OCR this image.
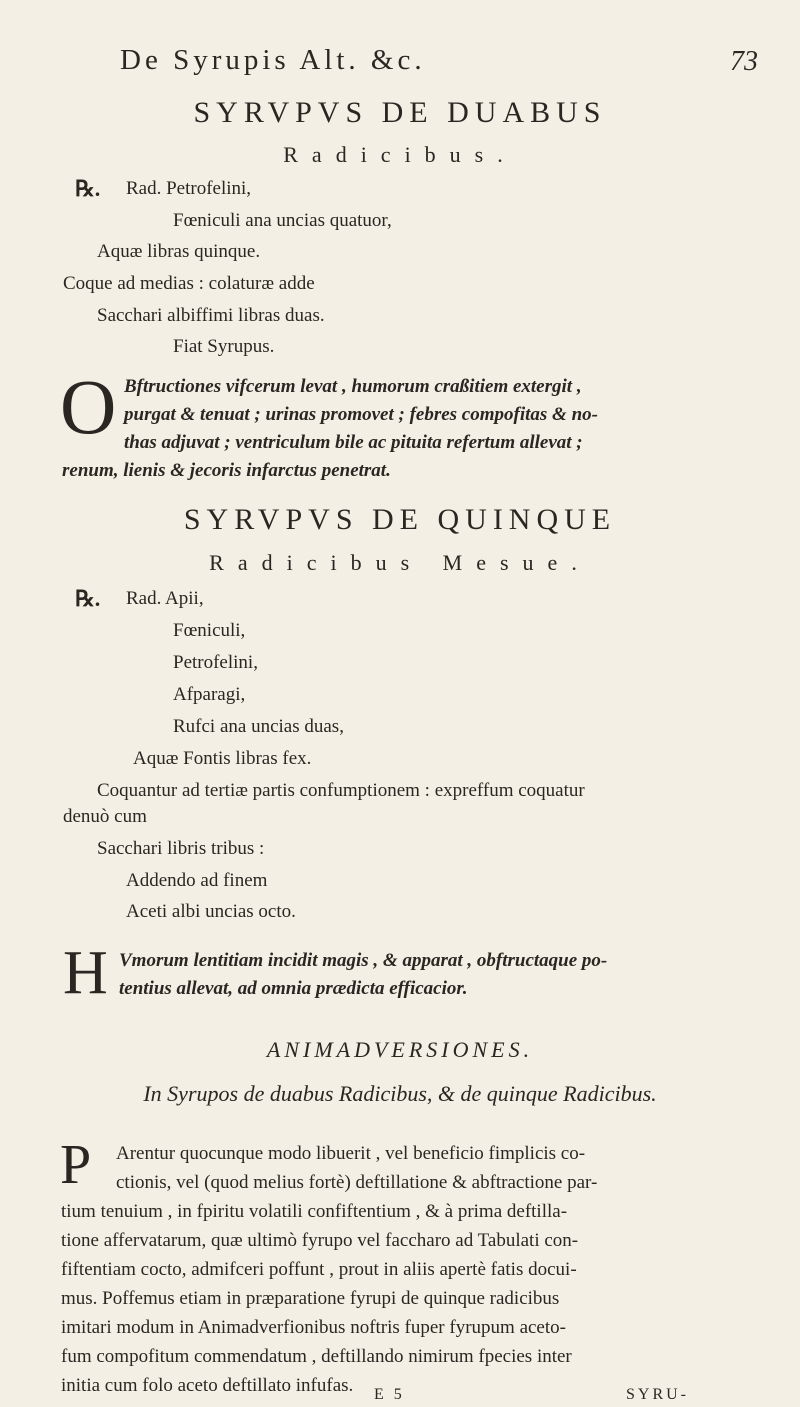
De Syrupis Alt. &c.	73
SYRVPVS DE DUABUS
Radicibus.
℞. Rad. Petrofelini,
Fœniculi ana uncias quatuor,
Aquæ libras quinque.
Coque ad medias : colaturæ adde
Sacchari albiffimi libras duas.
Fiat Syrupus.
O Bftructiones vifcerum levat , humorum craßitiem extergit ,
purgat & tenuat ; urinas promovet ; febres compofitas & no-
thas adjuvat ; ventriculum bile ac pituita refertum allevat ;
renum, lienis & jecoris infarctus penetrat.
SYRVPVS DE QUINQUE
Radicibus Mesue.
℞. Rad. Apii,
Fœniculi,
Petrofelini,
Afparagi,
Rufci ana uncias duas,
Aquæ Fontis libras fex.
Coquantur ad tertiæ partis confumptionem : expreffum coquatur
denuò cum
Sacchari libris tribus :
Addendo ad finem
Aceti albi uncias octo.
H Vmorum lentitiam incidit magis , & apparat , obftructaque po-
tentius allevat, ad omnia prædicta efficacior.
ANIMADVERSIONES.
In Syrupos de duabus Radicibus, & de quinque Radicibus.
P Arentur quocunque modo libuerit , vel beneficio fimplicis co-
ctionis, vel (quod melius fortè) deftillatione & abftractione par-
tium tenuium , in fpiritu volatili confiftentium , & à prima deftilla-
tione affervatarum, quæ ultimò fyrupo vel faccharo ad Tabulati con-
fiftentiam cocto, admifceri poffunt , prout in aliis apertè fatis docui-
mus. Poffemus etiam in præparatione fyrupi de quinque radicibus
imitari modum in Animadverfionibus noftris fuper fyrupum aceto-
fum compofitum commendatum , deftillando nimirum fpecies inter
initia cum folo aceto deftillato infufas. E 5	SYRU-
